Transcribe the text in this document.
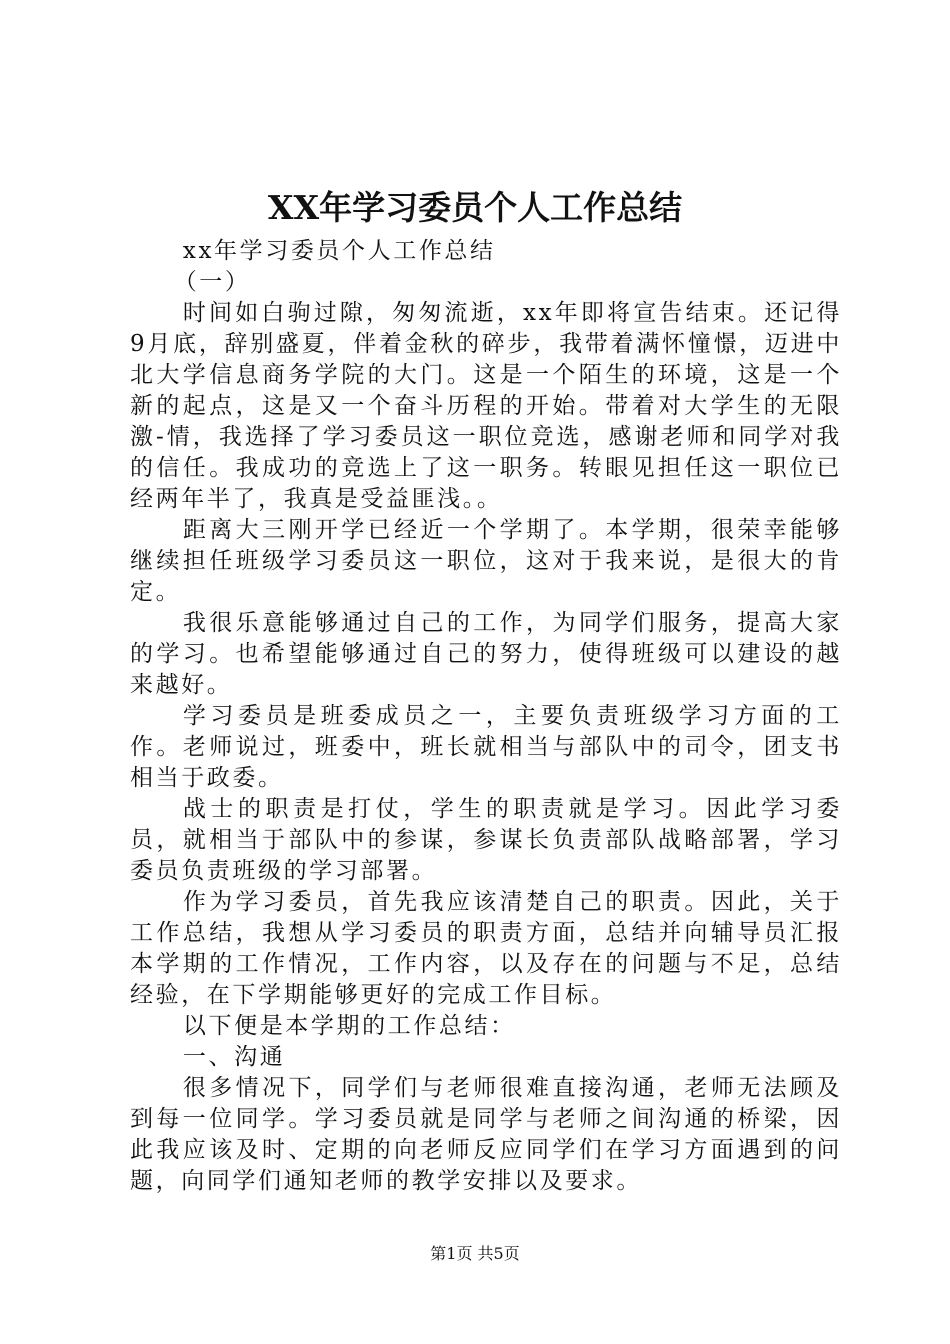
XX年学习委员个人工作总结

xx年学习委员个人工作总结

（一）

时间如白驹过隙，匆匆流逝，xx年即将宣告结束。还记得9月底，辞别盛夏，伴着金秋的碎步，我带着满怀憧憬，迈进中北大学信息商务学院的大门。这是一个陌生的环境，这是一个新的起点，这是又一个奋斗历程的开始。带着对大学生的无限激-情，我选择了学习委员这一职位竞选，感谢老师和同学对我的信任。我成功的竞选上了这一职务。转眼见担任这一职位已经两年半了，我真是受益匪浅。。

距离大三刚开学已经近一个学期了。本学期，很荣幸能够继续担任班级学习委员这一职位，这对于我来说，是很大的肯定。

我很乐意能够通过自己的工作，为同学们服务，提高大家的学习。也希望能够通过自己的努力，使得班级可以建设的越来越好。

学习委员是班委成员之一，主要负责班级学习方面的工作。老师说过，班委中，班长就相当与部队中的司令，团支书相当于政委。

战士的职责是打仗，学生的职责就是学习。因此学习委员，就相当于部队中的参谋，参谋长负责部队战略部署，学习委员负责班级的学习部署。

作为学习委员，首先我应该清楚自己的职责。因此，关于工作总结，我想从学习委员的职责方面，总结并向辅导员汇报本学期的工作情况，工作内容，以及存在的问题与不足，总结经验，在下学期能够更好的完成工作目标。

以下便是本学期的工作总结：

一、沟通

很多情况下，同学们与老师很难直接沟通，老师无法顾及到每一位同学。学习委员就是同学与老师之间沟通的桥梁，因此我应该及时、定期的向老师反应同学们在学习方面遇到的问题，向同学们通知老师的教学安排以及要求。

第1页 共5页
